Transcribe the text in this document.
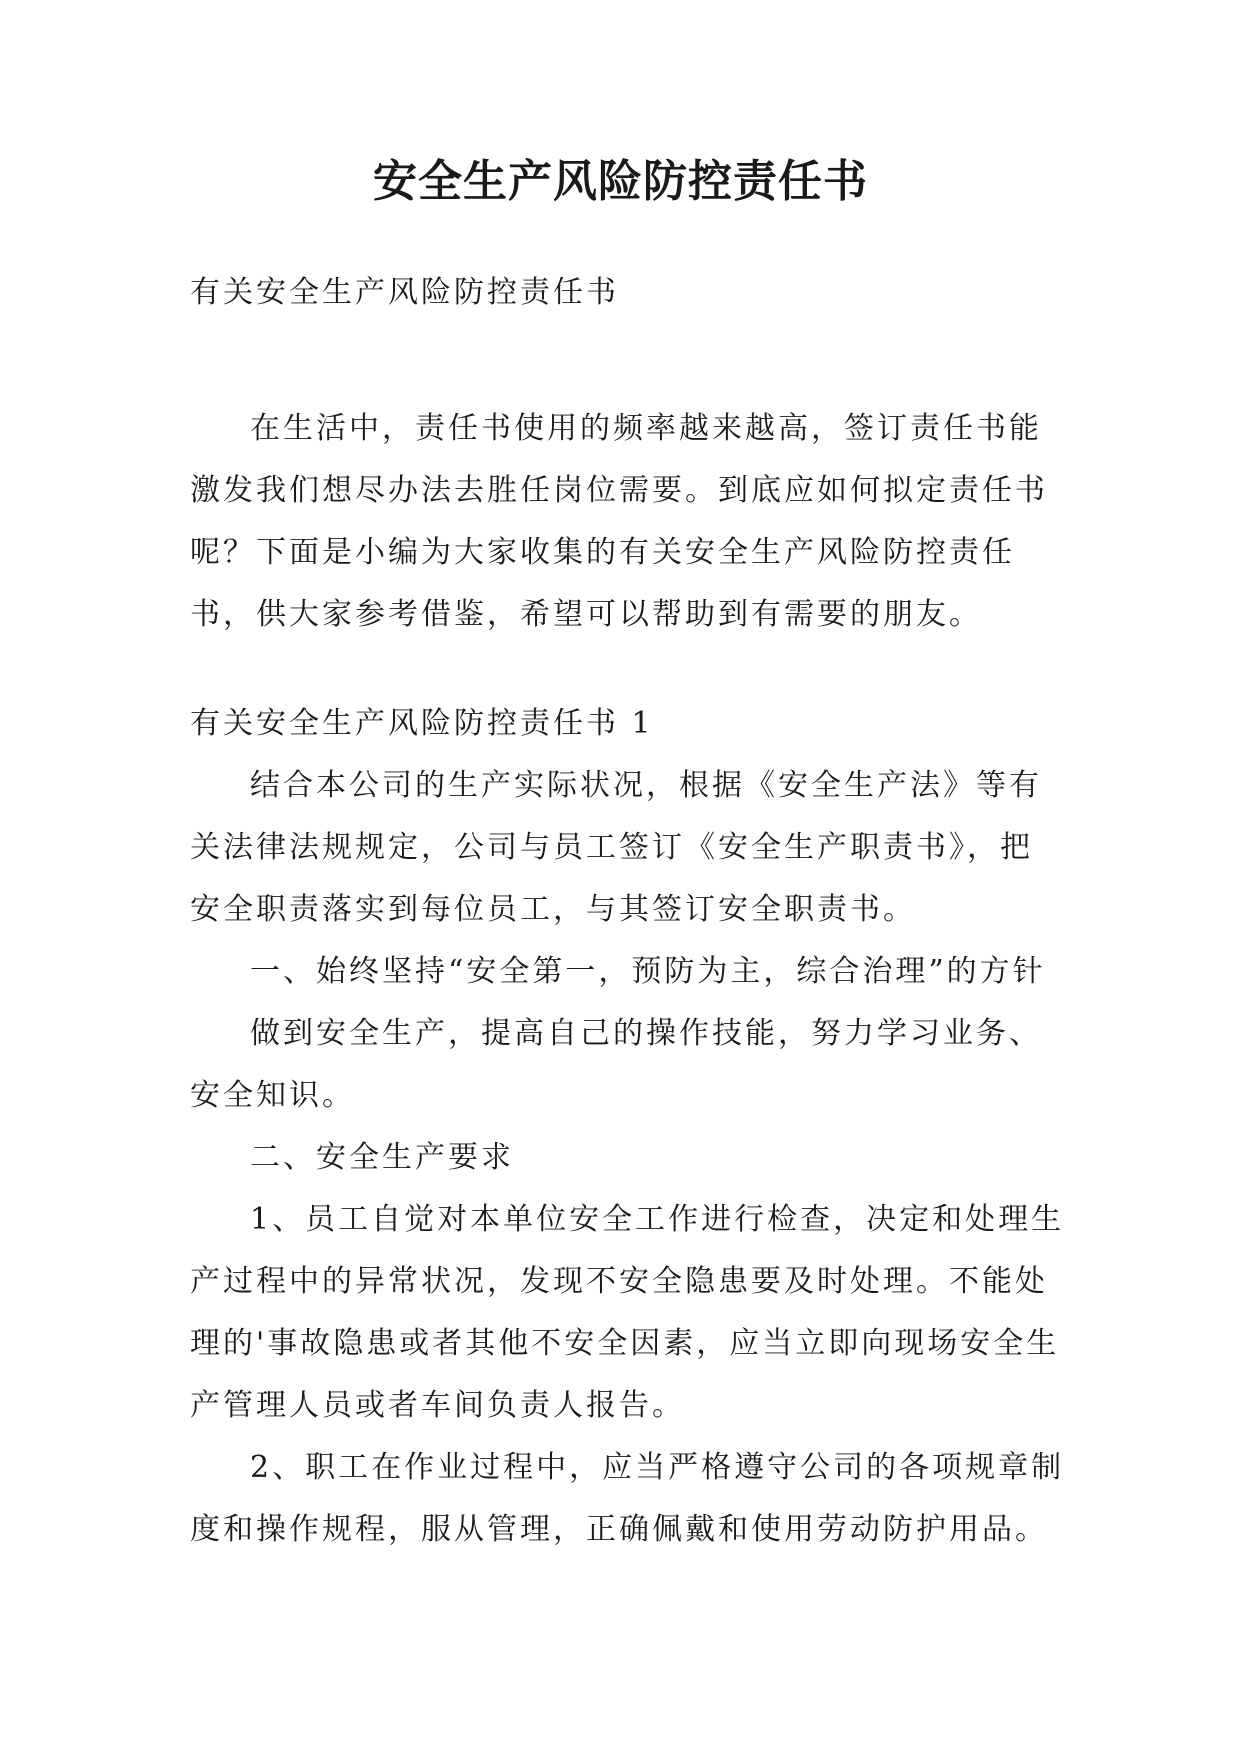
安全生产风险防控责任书

有关安全生产风险防控责任书

在生活中，责任书使用的频率越来越高，签订责任书能激发我们想尽办法去胜任岗位需要。到底应如何拟定责任书呢？下面是小编为大家收集的有关安全生产风险防控责任书，供大家参考借鉴，希望可以帮助到有需要的朋友。

有关安全生产风险防控责任书 1

结合本公司的生产实际状况，根据《安全生产法》等有关法律法规规定，公司与员工签订《安全生产职责书》，把安全职责落实到每位员工，与其签订安全职责书。

一、始终坚持“安全第一，预防为主，综合治理”的方针

做到安全生产，提高自己的操作技能，努力学习业务、安全知识。

二、安全生产要求

1、员工自觉对本单位安全工作进行检查，决定和处理生产过程中的异常状况，发现不安全隐患要及时处理。不能处理的'事故隐患或者其他不安全因素，应当立即向现场安全生产管理人员或者车间负责人报告。

2、职工在作业过程中，应当严格遵守公司的各项规章制度和操作规程，服从管理，正确佩戴和使用劳动防护用品。
